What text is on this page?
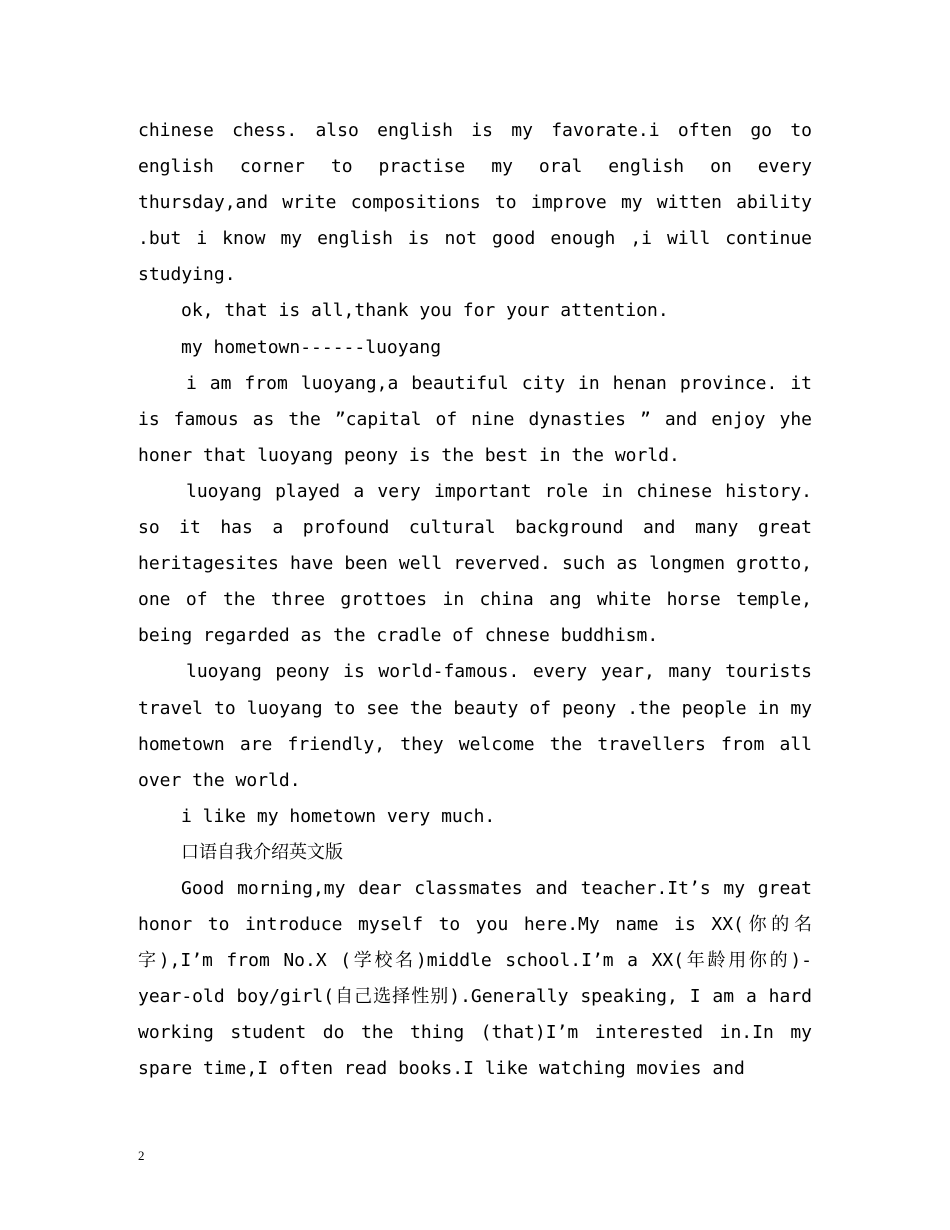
chinese chess. also english is my favorate.i often go to english corner to practise my oral english on every thursday,and write compositions to improve my witten ability .but i know my english is not good enough ,i will continue studying.

ok, that is all,thank you for your attention.

my hometown------luoyang

i am from luoyang,a beautiful city in henan province. it is famous as the ”capital of nine dynasties ” and enjoy yhe honer that luoyang peony is the best in the world.

luoyang played a very important role in chinese history. so it has a profound cultural background and many great heritagesites have been well reverved. such as longmen grotto, one of the three grottoes in china ang white horse temple, being regarded as the cradle of chnese buddhism.

luoyang peony is world-famous. every year, many tourists travel to luoyang to see the beauty of peony .the people in my hometown are friendly, they welcome the travellers from all over the world.

i like my hometown very much.

口语自我介绍英文版

Good morning,my dear classmates and teacher.It’s my great honor to introduce myself to you here.My name is XX(你的名字),I’m from No.X (学校名)middle school.I’m a XX(年龄用你的)-year-old boy/girl(自己选择性别).Generally speaking, I am a hard working student do the thing (that)I’m interested in.In my spare time,I often read books.I like watching movies and

2
